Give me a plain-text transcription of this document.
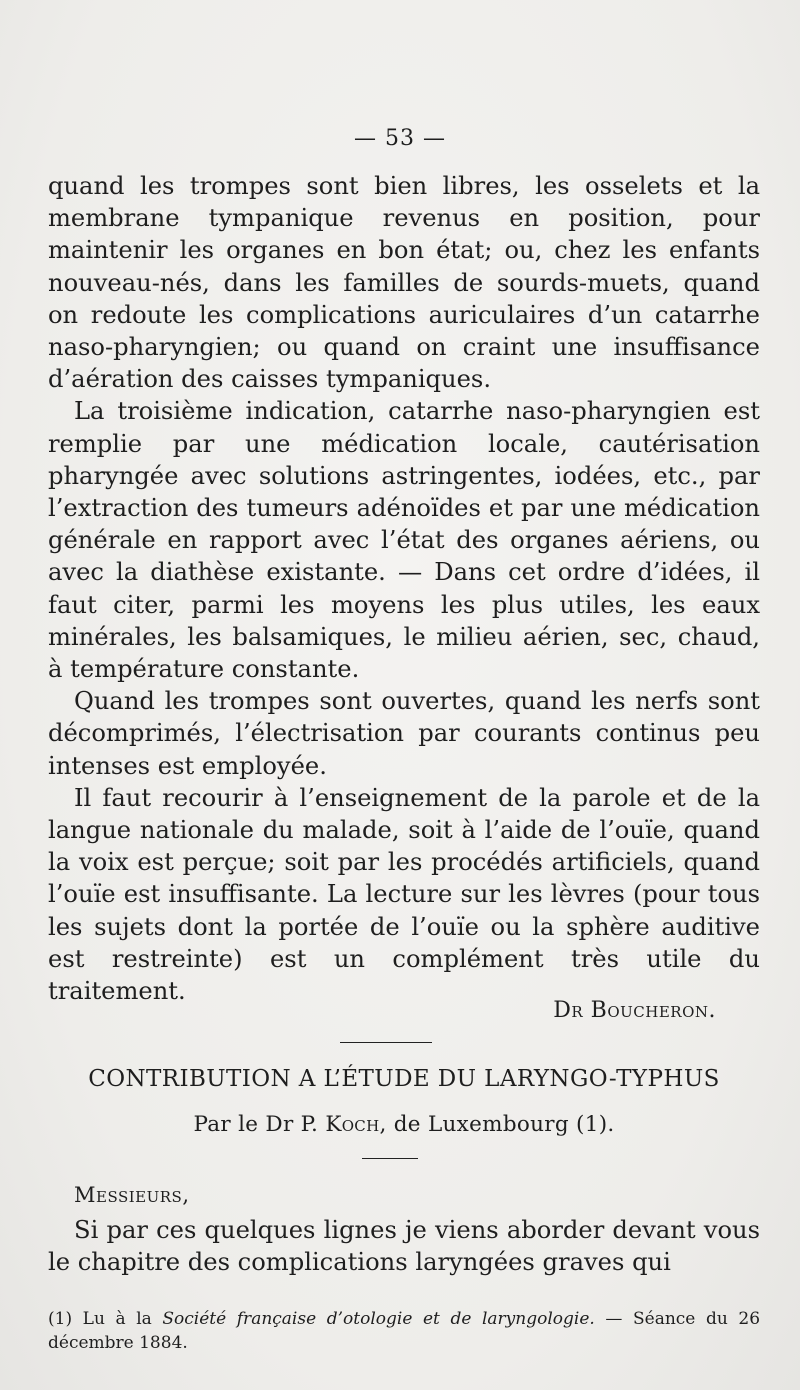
— 53 —

quand les trompes sont bien libres, les osselets et la membrane tympanique revenus en position, pour maintenir les organes en bon état; ou, chez les enfants nouveau-nés, dans les familles de sourds-muets, quand on redoute les complications auriculaires d’un catarrhe naso-pharyngien; ou quand on craint une insuffisance d’aération des caisses tympaniques.

La troisième indication, catarrhe naso-pharyngien est remplie par une médication locale, cautérisation pharyngée avec solutions astringentes, iodées, etc., par l’extraction des tumeurs adénoïdes et par une médication générale en rapport avec l’état des organes aériens, ou avec la diathèse existante. — Dans cet ordre d’idées, il faut citer, parmi les moyens les plus utiles, les eaux minérales, les balsamiques, le milieu aérien, sec, chaud, à température constante.

Quand les trompes sont ouvertes, quand les nerfs sont décomprimés, l’électrisation par courants continus peu intenses est employée.

Il faut recourir à l’enseignement de la parole et de la langue nationale du malade, soit à l’aide de l’ouïe, quand la voix est perçue; soit par les procédés artificiels, quand l’ouïe est insuffisante. La lecture sur les lèvres (pour tous les sujets dont la portée de l’ouïe ou la sphère auditive est restreinte) est un complément très utile du traitement.

Dr Boucheron.
CONTRIBUTION A L’ÉTUDE DU LARYNGO-TYPHUS
Par le Dr P. Koch, de Luxembourg (1).
Messieurs,

Si par ces quelques lignes je viens aborder devant vous le chapitre des complications laryngées graves qui

(1) Lu à la Société française d’otologie et de laryngologie. — Séance du 26 décembre 1884.
